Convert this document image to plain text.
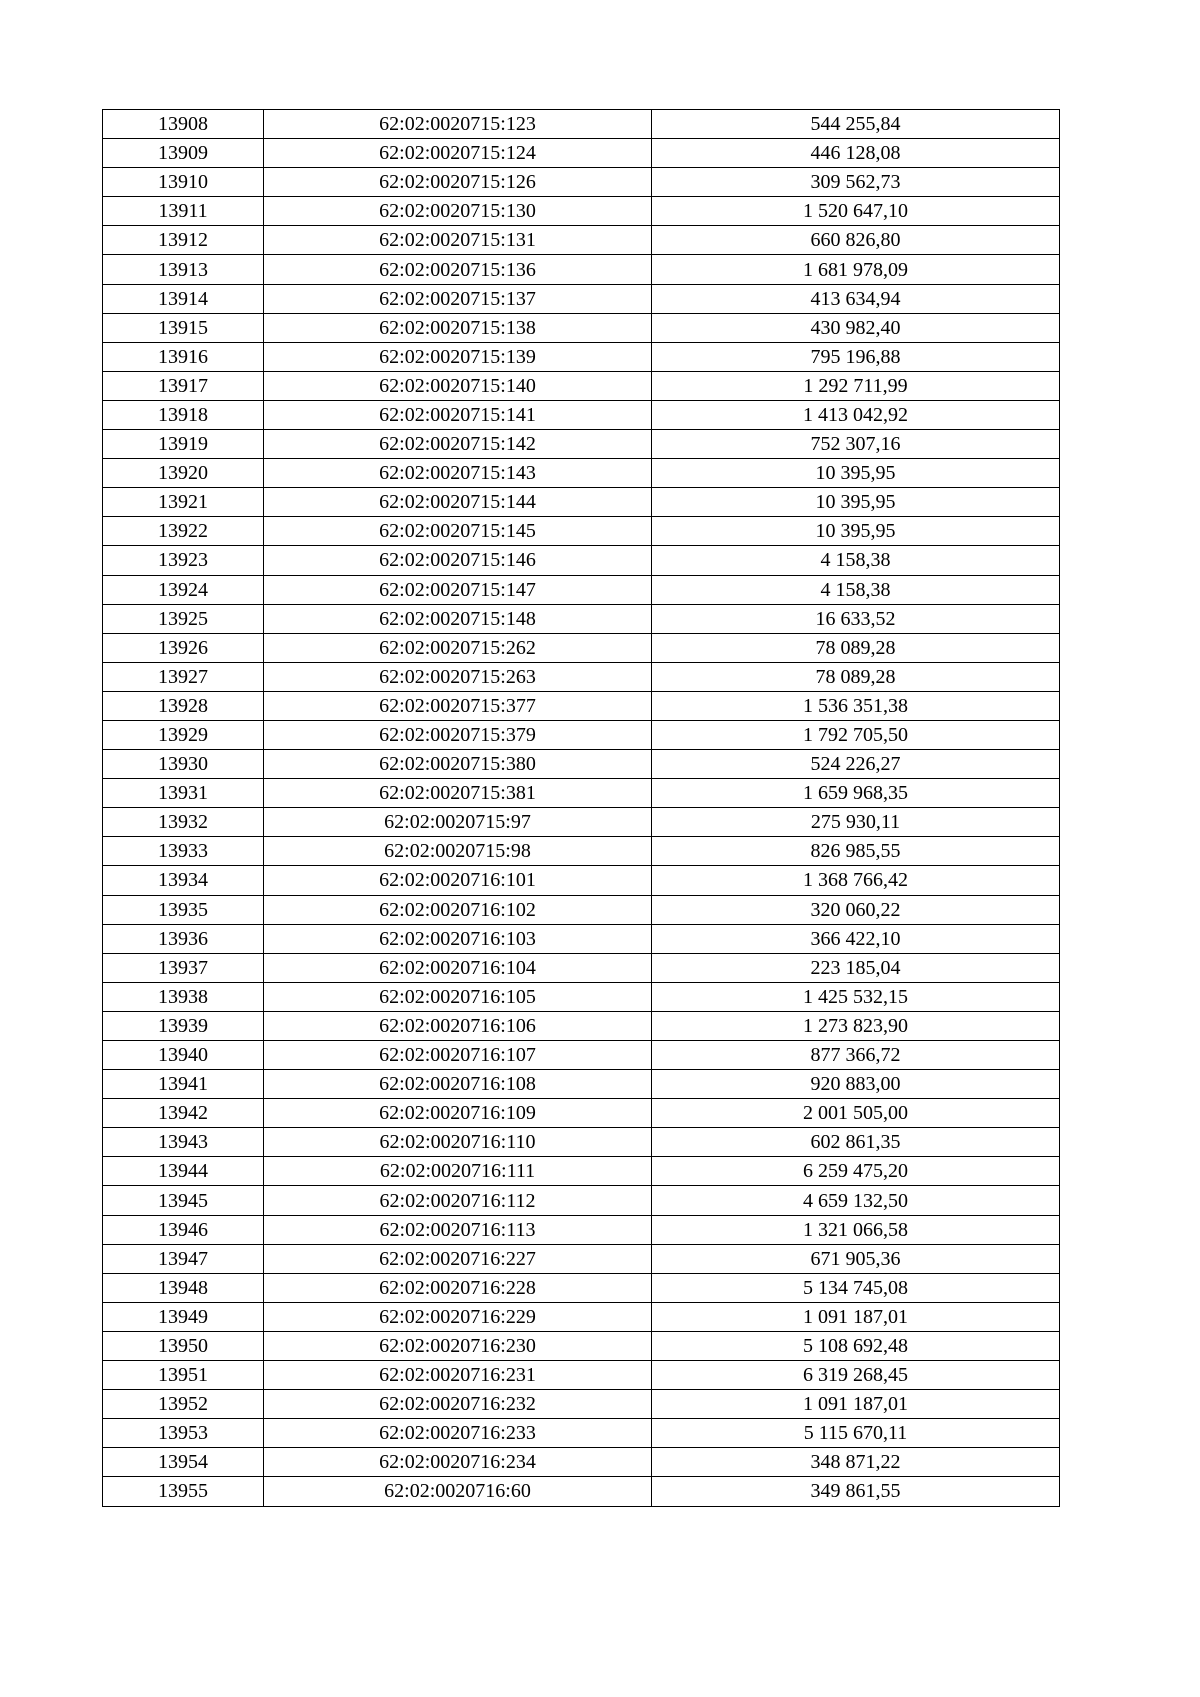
13908	62:02:0020715:123	544 255,84
13909	62:02:0020715:124	446 128,08
13910	62:02:0020715:126	309 562,73
13911	62:02:0020715:130	1 520 647,10
13912	62:02:0020715:131	660 826,80
13913	62:02:0020715:136	1 681 978,09
13914	62:02:0020715:137	413 634,94
13915	62:02:0020715:138	430 982,40
13916	62:02:0020715:139	795 196,88
13917	62:02:0020715:140	1 292 711,99
13918	62:02:0020715:141	1 413 042,92
13919	62:02:0020715:142	752 307,16
13920	62:02:0020715:143	10 395,95
13921	62:02:0020715:144	10 395,95
13922	62:02:0020715:145	10 395,95
13923	62:02:0020715:146	4 158,38
13924	62:02:0020715:147	4 158,38
13925	62:02:0020715:148	16 633,52
13926	62:02:0020715:262	78 089,28
13927	62:02:0020715:263	78 089,28
13928	62:02:0020715:377	1 536 351,38
13929	62:02:0020715:379	1 792 705,50
13930	62:02:0020715:380	524 226,27
13931	62:02:0020715:381	1 659 968,35
13932	62:02:0020715:97	275 930,11
13933	62:02:0020715:98	826 985,55
13934	62:02:0020716:101	1 368 766,42
13935	62:02:0020716:102	320 060,22
13936	62:02:0020716:103	366 422,10
13937	62:02:0020716:104	223 185,04
13938	62:02:0020716:105	1 425 532,15
13939	62:02:0020716:106	1 273 823,90
13940	62:02:0020716:107	877 366,72
13941	62:02:0020716:108	920 883,00
13942	62:02:0020716:109	2 001 505,00
13943	62:02:0020716:110	602 861,35
13944	62:02:0020716:111	6 259 475,20
13945	62:02:0020716:112	4 659 132,50
13946	62:02:0020716:113	1 321 066,58
13947	62:02:0020716:227	671 905,36
13948	62:02:0020716:228	5 134 745,08
13949	62:02:0020716:229	1 091 187,01
13950	62:02:0020716:230	5 108 692,48
13951	62:02:0020716:231	6 319 268,45
13952	62:02:0020716:232	1 091 187,01
13953	62:02:0020716:233	5 115 670,11
13954	62:02:0020716:234	348 871,22
13955	62:02:0020716:60	349 861,55
